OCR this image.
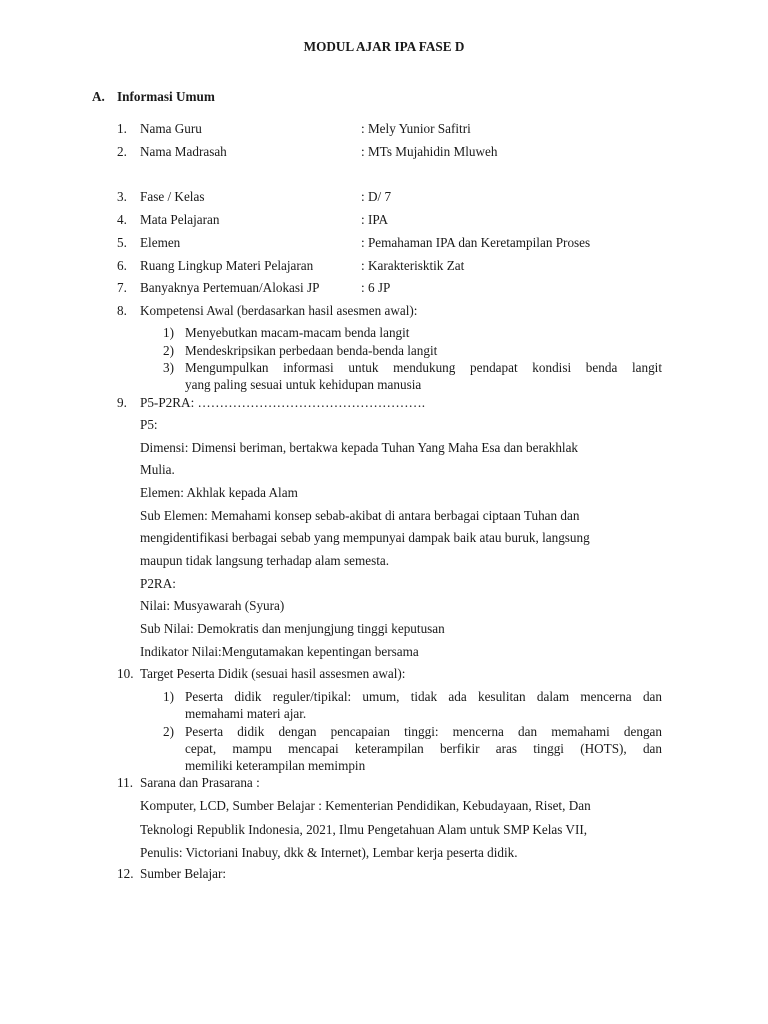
MODUL AJAR IPA FASE D
A. Informasi Umum
1. Nama Guru	: Mely Yunior Safitri
2. Nama Madrasah	: MTs Mujahidin Mluweh
3. Fase / Kelas	: D/ 7
4. Mata Pelajaran	: IPA
5. Elemen	: Pemahaman IPA dan Keretampilan Proses
6. Ruang Lingkup Materi Pelajaran	: Karakterisktik Zat
7. Banyaknya Pertemuan/Alokasi JP	: 6 JP
8. Kompetensi Awal (berdasarkan hasil asesmen awal):
1) Menyebutkan macam-macam benda langit
2) Mendeskripsikan perbedaan benda-benda langit
3) Mengumpulkan informasi untuk mendukung pendapat kondisi benda langit
yang paling sesuai untuk kehidupan manusia
9. P5-P2RA: …………………………………………….
P5:
Dimensi: Dimensi beriman, bertakwa kepada Tuhan Yang Maha Esa dan berakhlak
Mulia.
Elemen: Akhlak kepada Alam
Sub Elemen: Memahami konsep sebab-akibat di antara berbagai ciptaan Tuhan dan
mengidentifikasi berbagai sebab yang mempunyai dampak baik atau buruk, langsung
maupun tidak langsung terhadap alam semesta.
P2RA:
Nilai: Musyawarah (Syura)
Sub Nilai: Demokratis dan menjungjung tinggi keputusan
Indikator Nilai:Mengutamakan kepentingan bersama
10. Target Peserta Didik (sesuai hasil assesmen awal):
1) Peserta didik reguler/tipikal: umum, tidak ada kesulitan dalam mencerna dan
memahami materi ajar.
2) Peserta didik dengan pencapaian tinggi: mencerna dan memahami dengan
cepat, mampu mencapai keterampilan berfikir aras tinggi (HOTS), dan
memiliki keterampilan memimpin
11. Sarana dan Prasarana :
Komputer, LCD, Sumber Belajar : Kementerian Pendidikan, Kebudayaan, Riset, Dan
Teknologi Republik Indonesia, 2021, Ilmu Pengetahuan Alam untuk SMP Kelas VII,
Penulis: Victoriani Inabuy, dkk & Internet), Lembar kerja peserta didik.
12. Sumber Belajar:
